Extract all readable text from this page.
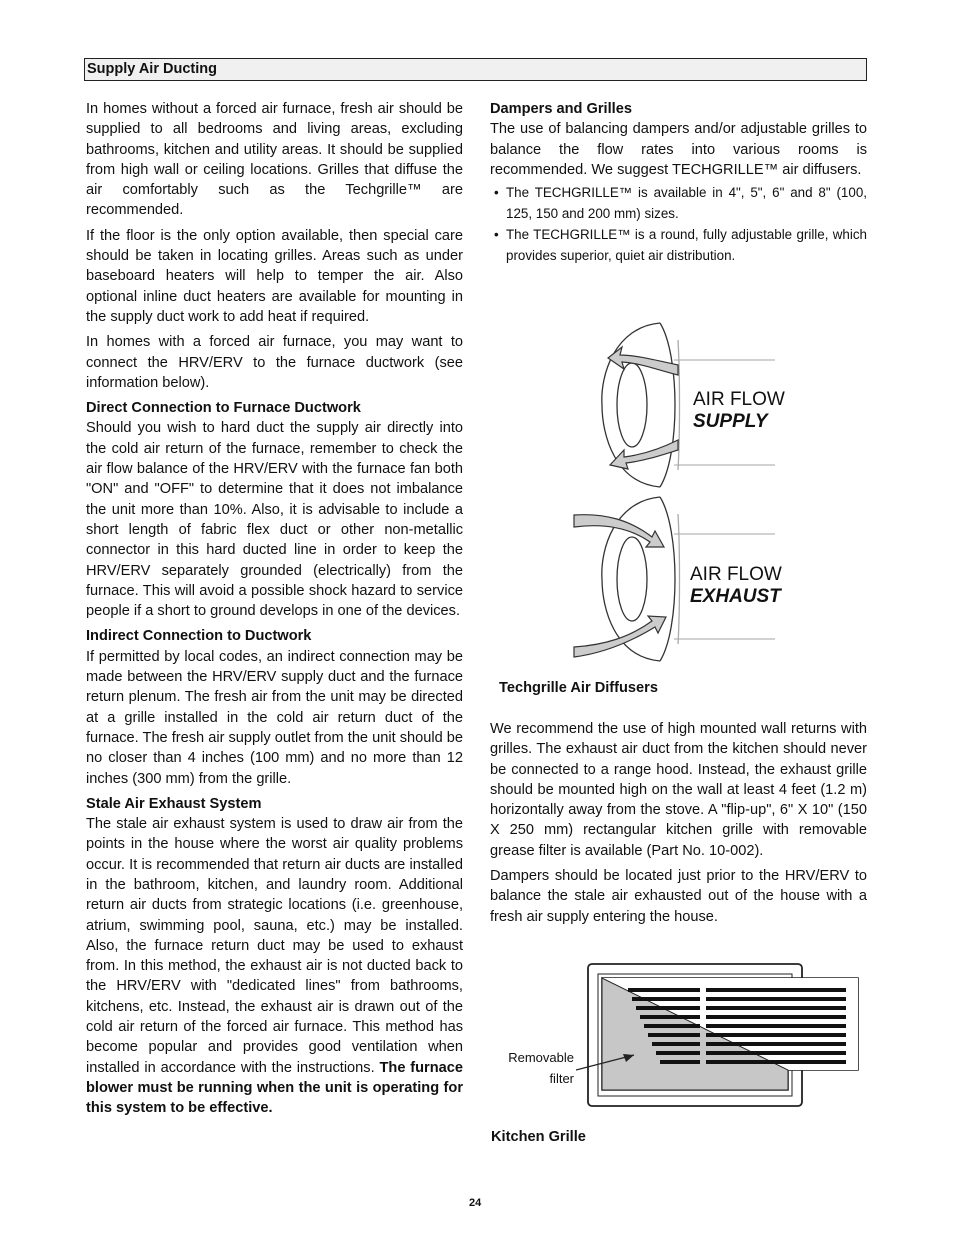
Supply Air Ducting

In homes without a forced air furnace, fresh air should be supplied to all bedrooms and living areas, excluding bathrooms, kitchen and utility areas. It should be supplied from high wall or ceiling locations. Grilles that diffuse the air comfortably such as the Techgrille™ are recommended.

If the floor is the only option available, then special care should be taken in locating grilles. Areas such as under baseboard heaters will help to temper the air. Also optional inline duct heaters are available for mounting in the supply duct work to add heat if required.

In homes with a forced air furnace, you may want to connect the HRV/ERV to the furnace ductwork (see information below).

Direct Connection to Furnace Ductwork

Should you wish to hard duct the supply air directly into the cold air return of the furnace, remember to check the air flow balance of the HRV/ERV with the furnace fan both "ON" and "OFF" to determine that it does not imbalance the unit more than 10%. Also, it is advisable to include a short length of fabric flex duct or other non-metallic connector in this hard ducted line in order to keep the HRV/ERV separately grounded (electrically) from the furnace. This will avoid a possible shock hazard to service people if a short to ground develops in one of the devices.

Indirect Connection to Ductwork

If permitted by local codes, an indirect connection may be made between the HRV/ERV supply duct and the furnace return plenum. The fresh air from the unit may be directed at a grille installed in the cold air return duct of the furnace. The fresh air supply outlet from the unit should be no closer than 4 inches (100 mm) and no more than 12 inches (300 mm) from the grille.

Stale Air Exhaust System

The stale air exhaust system is used to draw air from the points in the house where the worst air quality problems occur. It is recommended that return air ducts are installed in the bathroom, kitchen, and laundry room. Additional return air ducts from strategic locations (i.e. greenhouse, atrium, swimming pool, sauna, etc.) may be installed. Also, the furnace return duct may be used to exhaust from. In this method, the exhaust air is not ducted back to the HRV/ERV with "dedicated lines" from bathrooms, kitchens, etc. Instead, the exhaust air is drawn out of the cold air return of the forced air furnace. This method has become popular and provides good ventilation when installed in accordance with the instructions. The furnace blower must be running when the unit is operating for this system to be effective.

Dampers and Grilles

The use of balancing dampers and/or adjustable grilles to balance the flow rates into various rooms is recommended. We suggest TECHGRILLE™ air diffusers.

• The TECHGRILLE™ is available in 4", 5", 6" and 8" (100, 125, 150 and 200 mm) sizes.
• The TECHGRILLE™ is a round, fully adjustable grille, which provides superior, quiet air distribution.
AIR FLOW
SUPPLY
AIR FLOW
EXHAUST
Techgrille Air Diffusers

We recommend the use of high mounted wall returns with grilles. The exhaust air duct from the kitchen should never be connected to a range hood. Instead, the exhaust grille should be mounted high on the wall at least 4 feet (1.2 m) horizontally away from the stove. A "flip-up", 6" X 10" (150 X 250 mm) rectangular kitchen grille with removable grease filter is available (Part No. 10-002).

Dampers should be located just prior to the HRV/ERV to balance the stale air exhausted out of the house with a fresh air supply entering the house.

Removable
filter
Kitchen Grille
24
